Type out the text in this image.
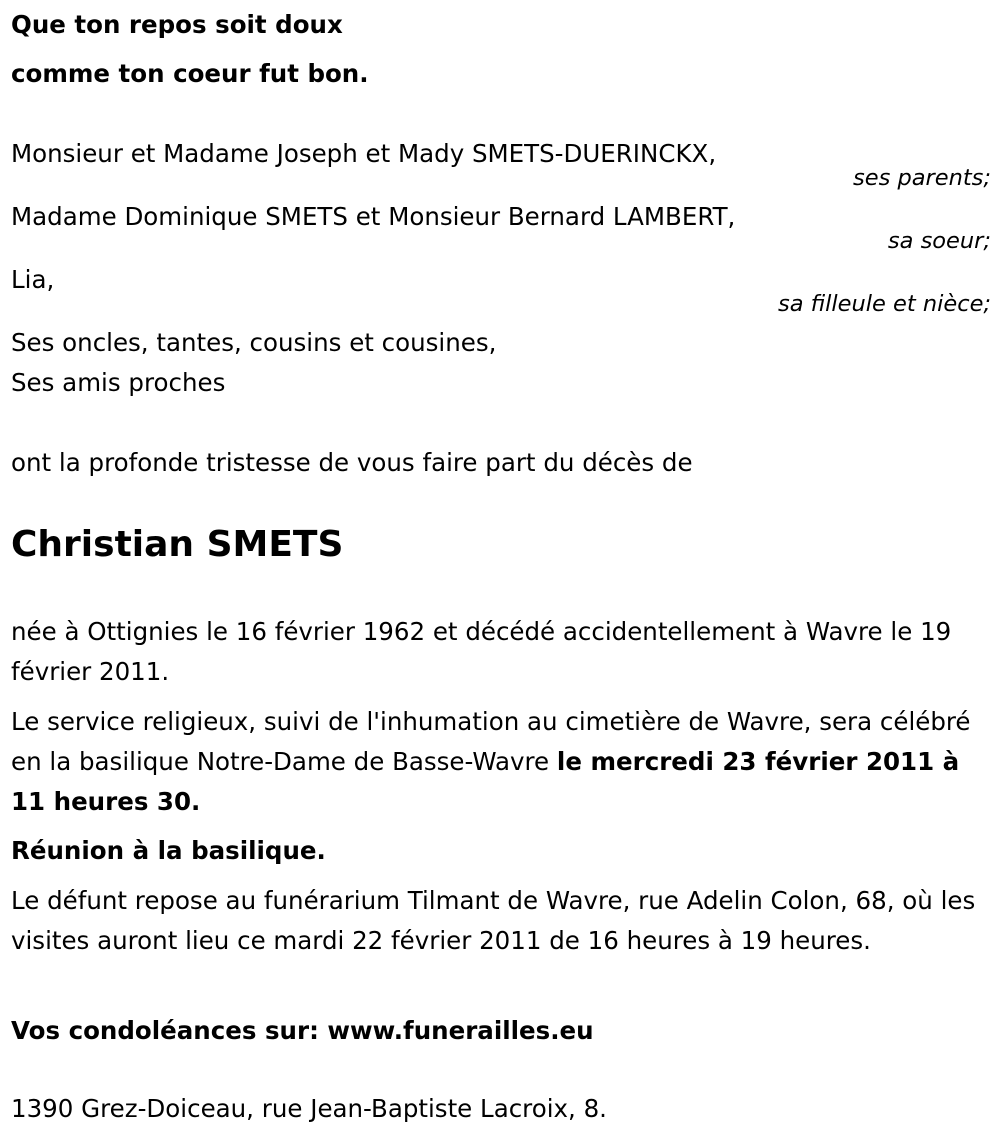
Que ton repos soit doux
comme ton coeur fut bon.
Monsieur et Madame Joseph et Mady SMETS-DUERINCKX,
ses parents;
Madame Dominique SMETS et Monsieur Bernard LAMBERT,
sa soeur;
Lia,
sa filleule et nièce;
Ses oncles, tantes, cousins et cousines,
Ses amis proches
ont la profonde tristesse de vous faire part du décès de
Christian SMETS
née à Ottignies le 16 février 1962 et décédé accidentellement à Wavre le 19 février 2011.
Le service religieux, suivi de l'inhumation au cimetière de Wavre, sera célébré en la basilique Notre-Dame de Basse-Wavre le mercredi 23 février 2011 à 11 heures 30.
Réunion à la basilique.
Le défunt repose au funérarium Tilmant de Wavre, rue Adelin Colon, 68, où les visites auront lieu ce mardi 22 février 2011 de 16 heures à 19 heures.
Vos condoléances sur: www.funerailles.eu
1390 Grez-Doiceau, rue Jean-Baptiste Lacroix, 8.
